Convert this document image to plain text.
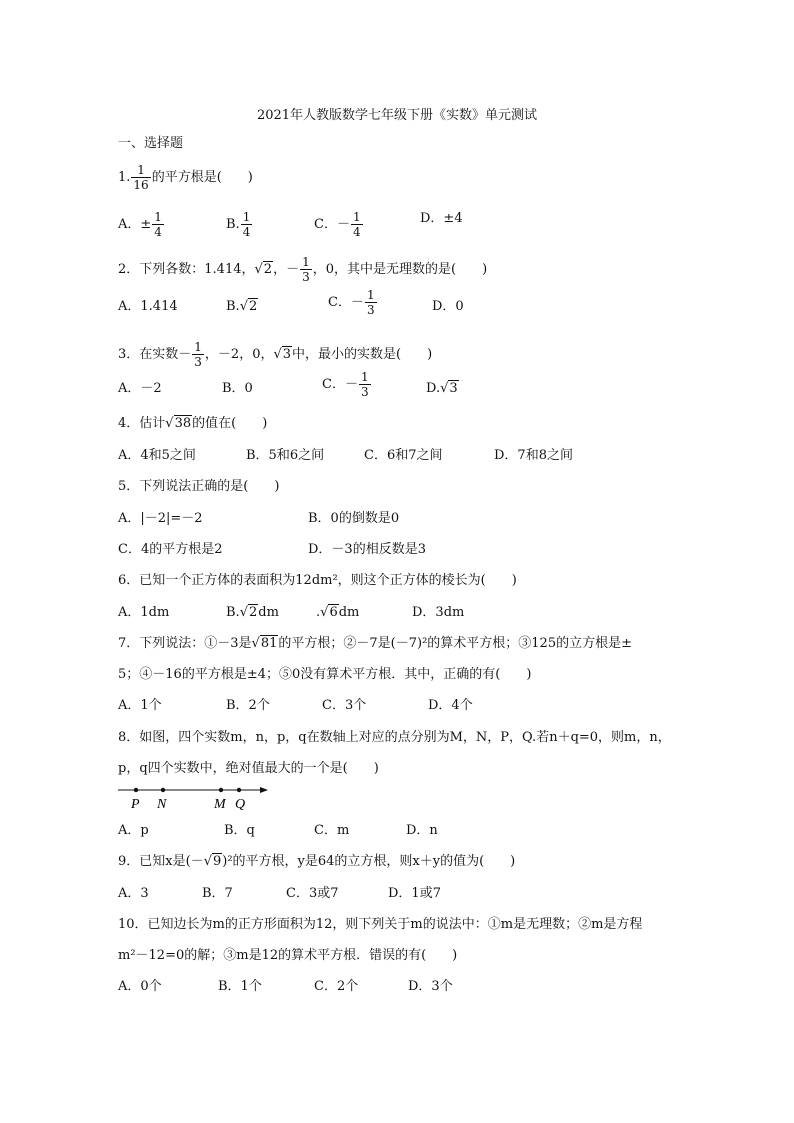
2021年人教版数学七年级下册《实数》单元测试
一、选择题
1. $\frac{1}{16}$ 的平方根是(　　)
A．± $\frac{1}{4}$	B. $\frac{1}{4}$	C．－ $\frac{1}{4}$	D．±4
2．下列各数：1.414，√2，－ $\frac{1}{3}$ ，0，其中是无理数的是(　　)
A．1.414	B.√2	C．－ $\frac{1}{3}$	D．0
3．在实数－ $\frac{1}{3}$ ，－2，0，√3中，最小的实数是(　　)
A．－2	B．0	C．－ $\frac{1}{3}$	D.√3
4．估计√38的值在(　　)
A．4和5之间	B．5和6之间	C．6和7之间	D．7和8之间
5．下列说法正确的是(　　)
A．|－2|=－2	B．0的倒数是0
C．4的平方根是2	D．－3的相反数是3
6．已知一个正方体的表面积为12dm²，则这个正方体的棱长为(　　)
A．1dm	B.√2dm	.√6dm	D．3dm
7．下列说法：①－3是√81的平方根；②－7是(－7)²的算术平方根；③125的立方根是±
5；④－16的平方根是±4；⑤0没有算术平方根．其中，正确的有(　　)
A．1个	B．2个	C．3个	D．4个
8．如图，四个实数m，n，p，q在数轴上对应的点分别为M，N，P，Q.若n＋q=0，则m，n，
p，q四个实数中，绝对值最大的一个是(　　)
P N	M Q
A．p	B．q	C．m	D．n
9．已知x是(－√9)²的平方根，y是64的立方根，则x＋y的值为(　　)
A．3	B．7	C．3或7	D．1或7
10．已知边长为m的正方形面积为12，则下列关于m的说法中：①m是无理数；②m是方程
m²－12=0的解；③m是12的算术平方根．错误的有(　　)
A．0个	B．1个	C．2个	D．3个
